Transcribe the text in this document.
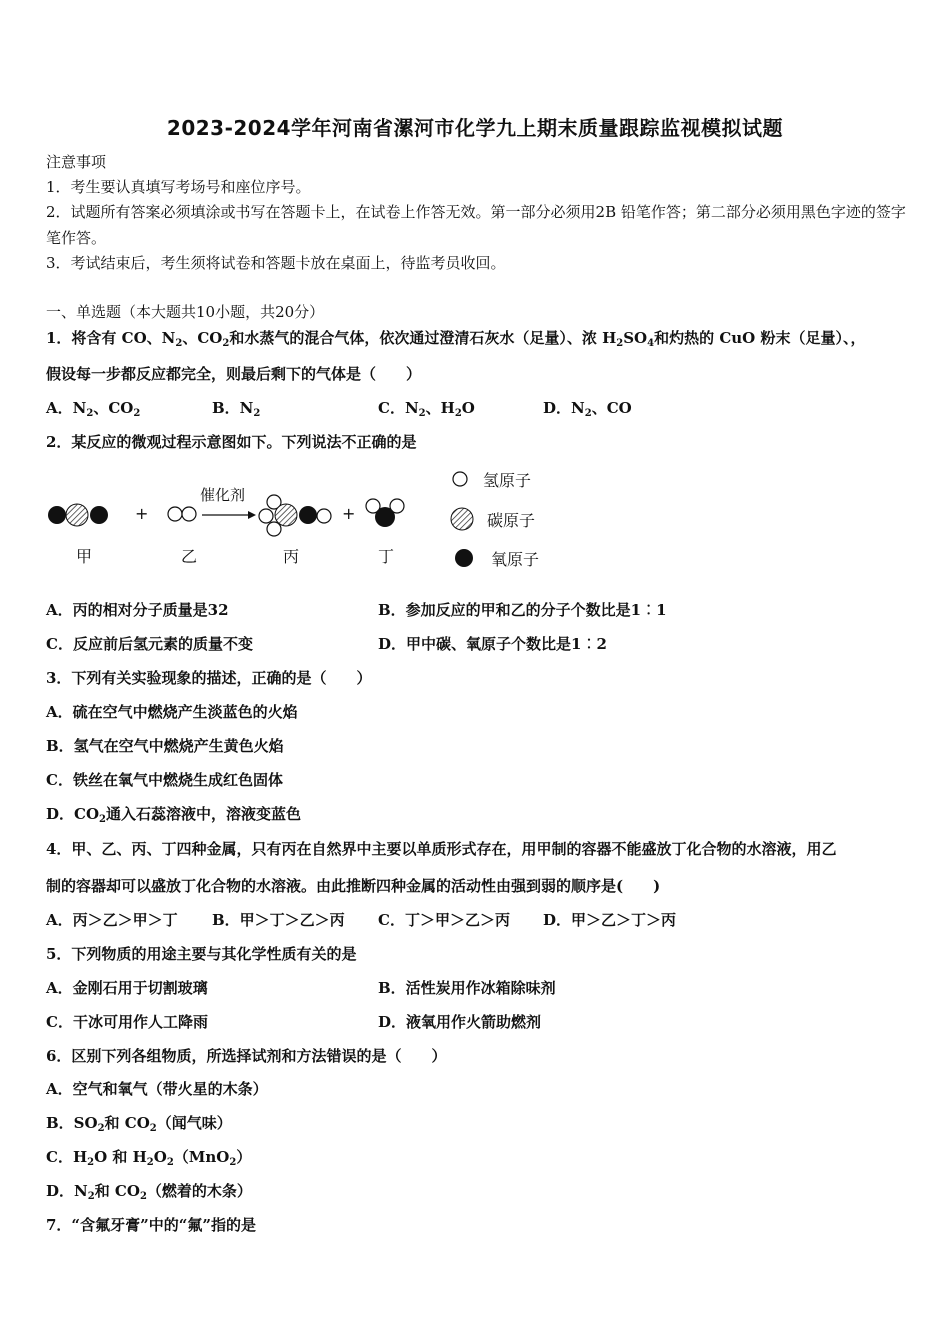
2023-2024学年河南省漯河市化学九上期末质量跟踪监视模拟试题
注意事项
1．考生要认真填写考场号和座位序号。
2．试题所有答案必须填涂或书写在答题卡上，在试卷上作答无效。第一部分必须用2B 铅笔作答；第二部分必须用黑色字迹的签字笔作答。
3．考试结束后，考生须将试卷和答题卡放在桌面上，待监考员收回。
一、单选题（本大题共10小题，共20分）
1．将含有 CO、$N_2$、$CO_2$和水蒸气的混合气体，依次通过澄清石灰水（足量）、浓 $H_2SO_4$和灼热的 CuO 粉末（足量）、，
假设每一步都反应都完全，则最后剩下的气体是（　　）
A．$N_2$、$CO_2$	B．$N_2$	C．$N_2$、$H_2O$	D．$N_2$、CO
2．某反应的微观过程示意图如下。下列说法不正确的是
甲
+
乙
催化剂
丙
+
丁
氢原子
碳原子
氧原子
A．丙的相对分子质量是32	B．参加反应的甲和乙的分子个数比是1︰1
C．反应前后氢元素的质量不变	D．甲中碳、氧原子个数比是1︰2
3．下列有关实验现象的描述，正确的是（　　）
A．硫在空气中燃烧产生淡蓝色的火焰
B．氢气在空气中燃烧产生黄色火焰
C．铁丝在氧气中燃烧生成红色固体
D．$CO_2$通入石蕊溶液中，溶液变蓝色
4．甲、乙、丙、丁四种金属，只有丙在自然界中主要以单质形式存在，用甲制的容器不能盛放丁化合物的水溶液，用乙
制的容器却可以盛放丁化合物的水溶液。由此推断四种金属的活动性由强到弱的顺序是(　　)
A．丙＞乙＞甲＞丁 B．甲＞丁＞乙＞丙 C．丁＞甲＞乙＞丙 D．甲＞乙＞丁＞丙
5．下列物质的用途主要与其化学性质有关的是
A．金刚石用于切割玻璃	B．活性炭用作冰箱除味剂
C．干冰可用作人工降雨	D．液氧用作火箭助燃剂
6．区别下列各组物质，所选择试剂和方法错误的是（　　）
A．空气和氧气（带火星的木条）
B．$SO_2$和 $CO_2$（闻气味）
C．$H_2O$ 和 $H_2O_2(MnO_2)$
D．$N_2$和 $CO_2$（燃着的木条）
7．“含氟牙膏”中的“氟”指的是
